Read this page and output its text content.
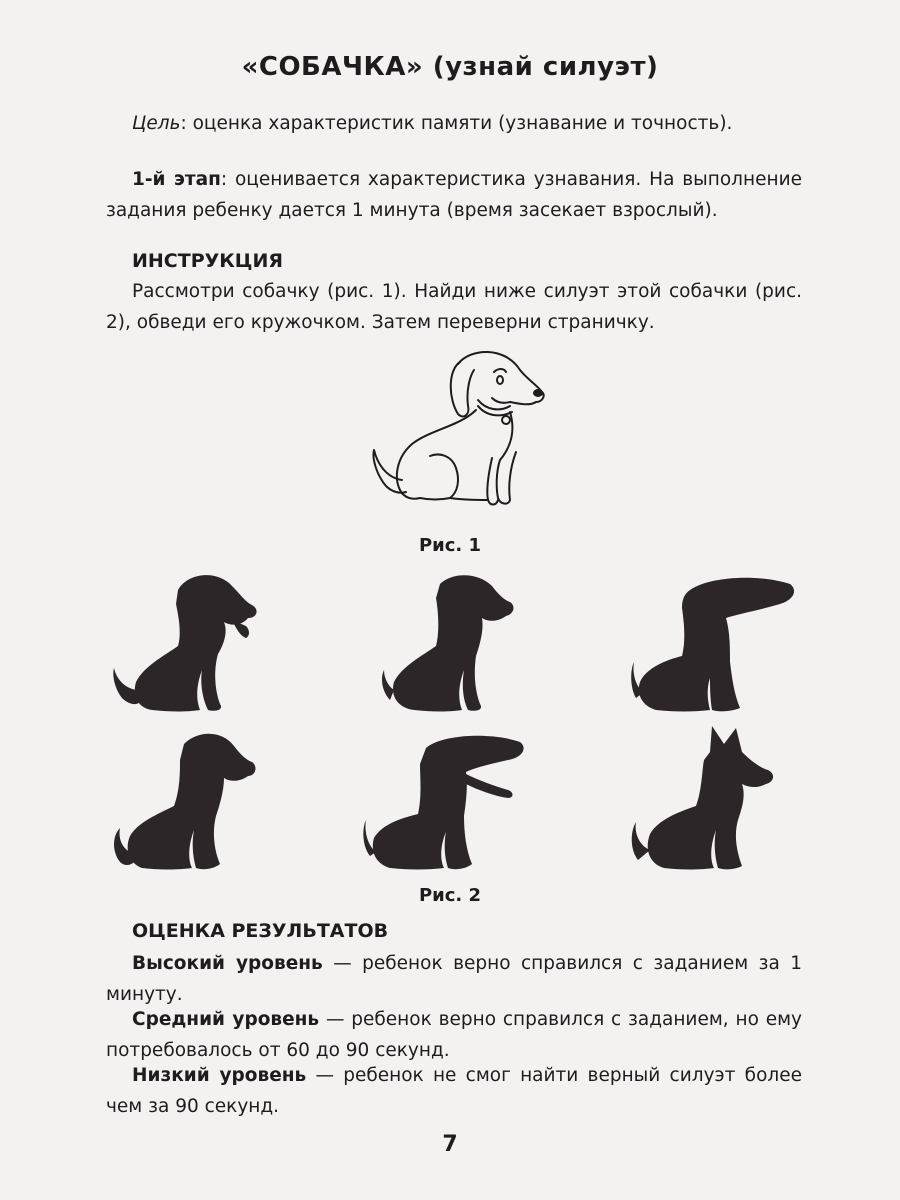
«СОБАЧКА» (узнай силуэт)
Цель: оценка характеристик памяти (узнавание и точность).
1-й этап: оценивается характеристика узнавания. На выполнение задания ребенку дается 1 минута (время засекает взрослый).
ИНСТРУКЦИЯ
Рассмотри собачку (рис. 1). Найди ниже силуэт этой собачки (рис. 2), обведи его кружочком. Затем переверни страничку.
Рис. 1
Рис. 2
ОЦЕНКА РЕЗУЛЬТАТОВ
Высокий уровень — ребенок верно справился с заданием за 1 минуту.
Средний уровень — ребенок верно справился с заданием, но ему потребовалось от 60 до 90 секунд.
Низкий уровень — ребенок не смог найти верный силуэт более чем за 90 секунд.
7
